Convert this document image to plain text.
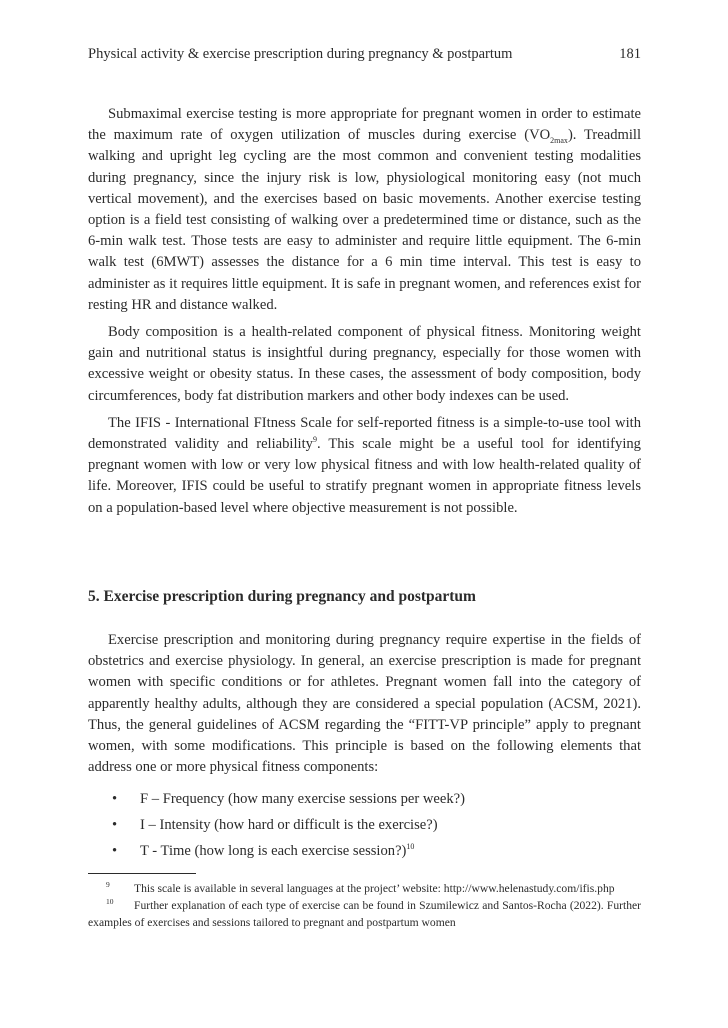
Physical activity & exercise prescription during pregnancy & postpartum	181

Submaximal exercise testing is more appropriate for pregnant women in order to estimate the maximum rate of oxygen utilization of muscles during exercise $(VO_{2max})$. Treadmill walking and upright leg cycling are the most common and convenient testing modalities during pregnancy, since the injury risk is low, physiological monitoring easy (not much vertical movement), and the exercises based on basic movements. Another exercise testing option is a field test consisting of walking over a predetermined time or distance, such as the 6-min walk test. Those tests are easy to administer and require little equipment. The 6-min walk test (6MWT) assesses the distance for a 6 min time interval. This test is easy to administer as it requires little equipment. It is safe in pregnant women, and references exist for resting HR and distance walked.

Body composition is a health-related component of physical fitness. Monitoring weight gain and nutritional status is insightful during pregnancy, especially for those women with excessive weight or obesity status. In these cases, the assessment of body composition, body circumferences, body fat distribution markers and other body indexes can be used.

The IFIS - International FItness Scale for self-reported fitness is a simple-to-use tool with demonstrated validity and reliability$^9$. This scale might be a useful tool for identifying pregnant women with low or very low physical fitness and with low health-related quality of life. Moreover, IFIS could be useful to stratify pregnant women in appropriate fitness levels on a population-based level where objective measurement is not possible.

5. Exercise prescription during pregnancy and postpartum

Exercise prescription and monitoring during pregnancy require expertise in the fields of obstetrics and exercise physiology. In general, an exercise prescription is made for pregnant women with specific conditions or for athletes. Pregnant women fall into the category of apparently healthy adults, although they are considered a special population (ACSM, 2021). Thus, the general guidelines of ACSM regarding the “FITT-VP principle” apply to pregnant women, with some modifications. This principle is based on the following elements that address one or more physical fitness components:

•	F – Frequency (how many exercise sessions per week?)
•	I – Intensity (how hard or difficult is the exercise?)
•	T - Time (how long is each exercise session?)$^{10}$

9 This scale is available in several languages at the project’ website: http://www.helenastudy.com/ifis.php

10 Further explanation of each type of exercise can be found in Szumilewicz and Santos-Rocha (2022). Further examples of exercises and sessions tailored to pregnant and postpartum women
